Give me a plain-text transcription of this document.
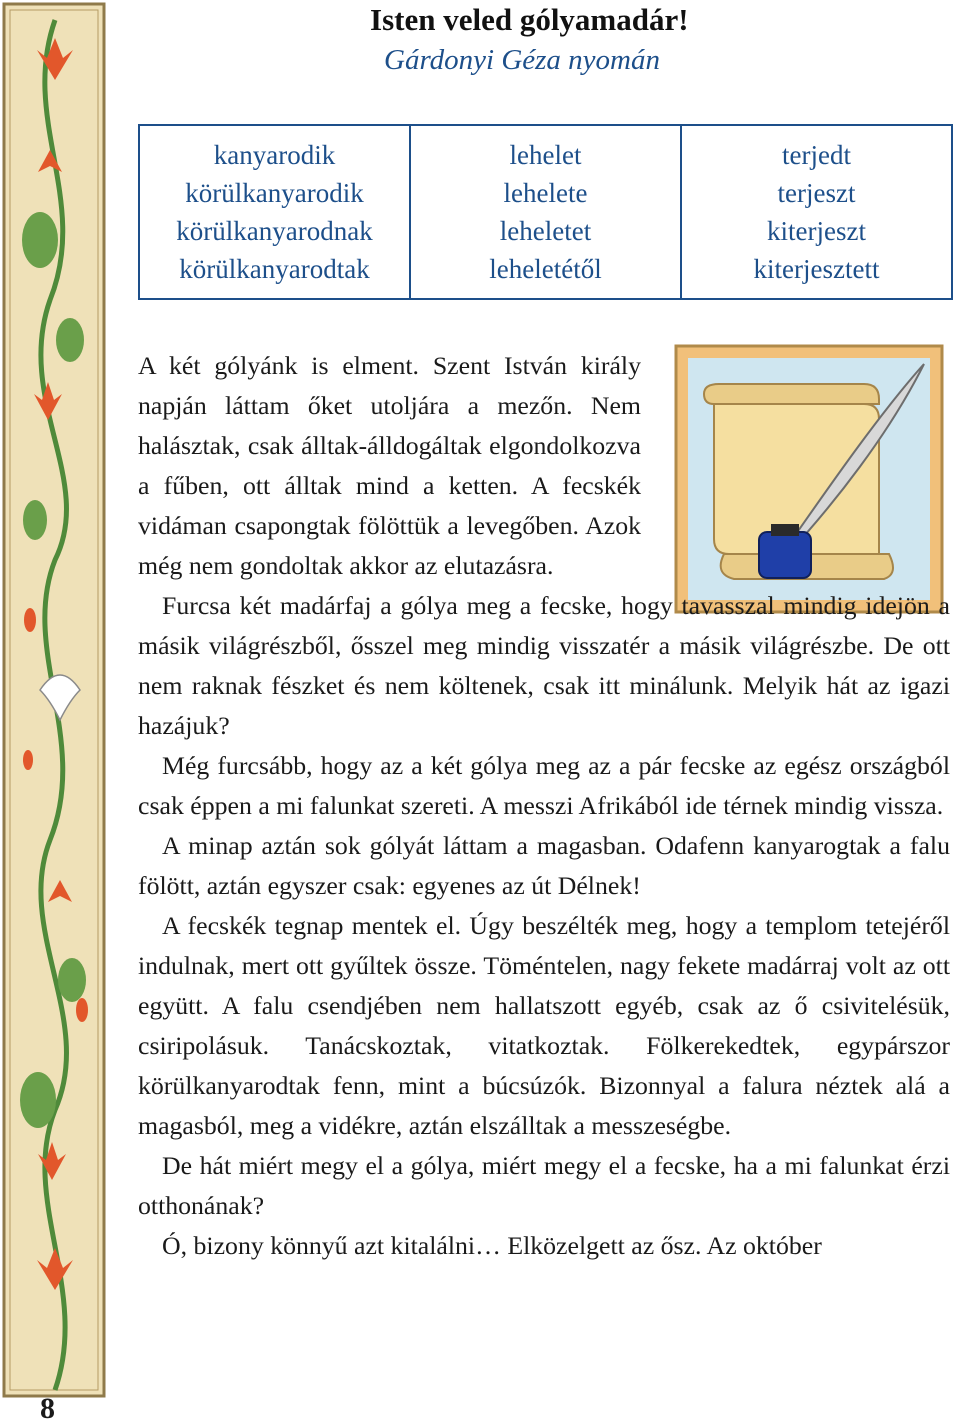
8
Isten veled gólyamadár!
Gárdonyi Géza nyomán
kanyarodik
körülkanyarodik
körülkanyarodnak
körülkanyarodtak
lehelet
lehelete
leheletet
leheletétől
terjedt
terjeszt
kiterjeszt
kiterjesztett
A két gólyánk is elment. Szent István király napján láttam őket utoljára a mezőn. Nem halásztak, csak álltak-álldogáltak elgondolkozva a fűben, ott álltak mind a ketten. A fecskék vidáman csapongtak fölöttük a levegőben. Azok még nem gondoltak akkor az elutazásra.
Furcsa két madárfaj a gólya meg a fecske, hogy tavasszal mindig idejön a másik világrészből, ősszel meg mindig visszatér a másik világrészbe. De ott nem raknak fészket és nem költenek, csak itt minálunk. Melyik hát az igazi hazájuk?
Még furcsább, hogy az a két gólya meg az a pár fecske az egész országból csak éppen a mi falunkat szereti. A messzi Afrikából ide térnek mindig vissza.
A minap aztán sok gólyát láttam a magasban. Odafenn kanyarogtak a falu fölött, aztán egyszer csak: egyenes az út Délnek!
A fecskék tegnap mentek el. Úgy beszélték meg, hogy a templom tetejéről indulnak, mert ott gyűltek össze. Töméntelen, nagy fekete madárraj volt az ott együtt. A falu csendjében nem hallatszott egyéb, csak az ő csivitelésük, csiripolásuk. Tanácskoztak, vitatkoztak. Fölkerekedtek, egypárszor körülkanyarodtak fenn, mint a búcsúzók. Bizonnyal a falura néztek alá a magasból, meg a vidékre, aztán elszálltak a messzeségbe.
De hát miért megy el a gólya, miért megy el a fecske, ha a mi falunkat érzi otthonának?
Ó, bizony könnyű azt kitalálni… Elközelgett az ősz. Az október
